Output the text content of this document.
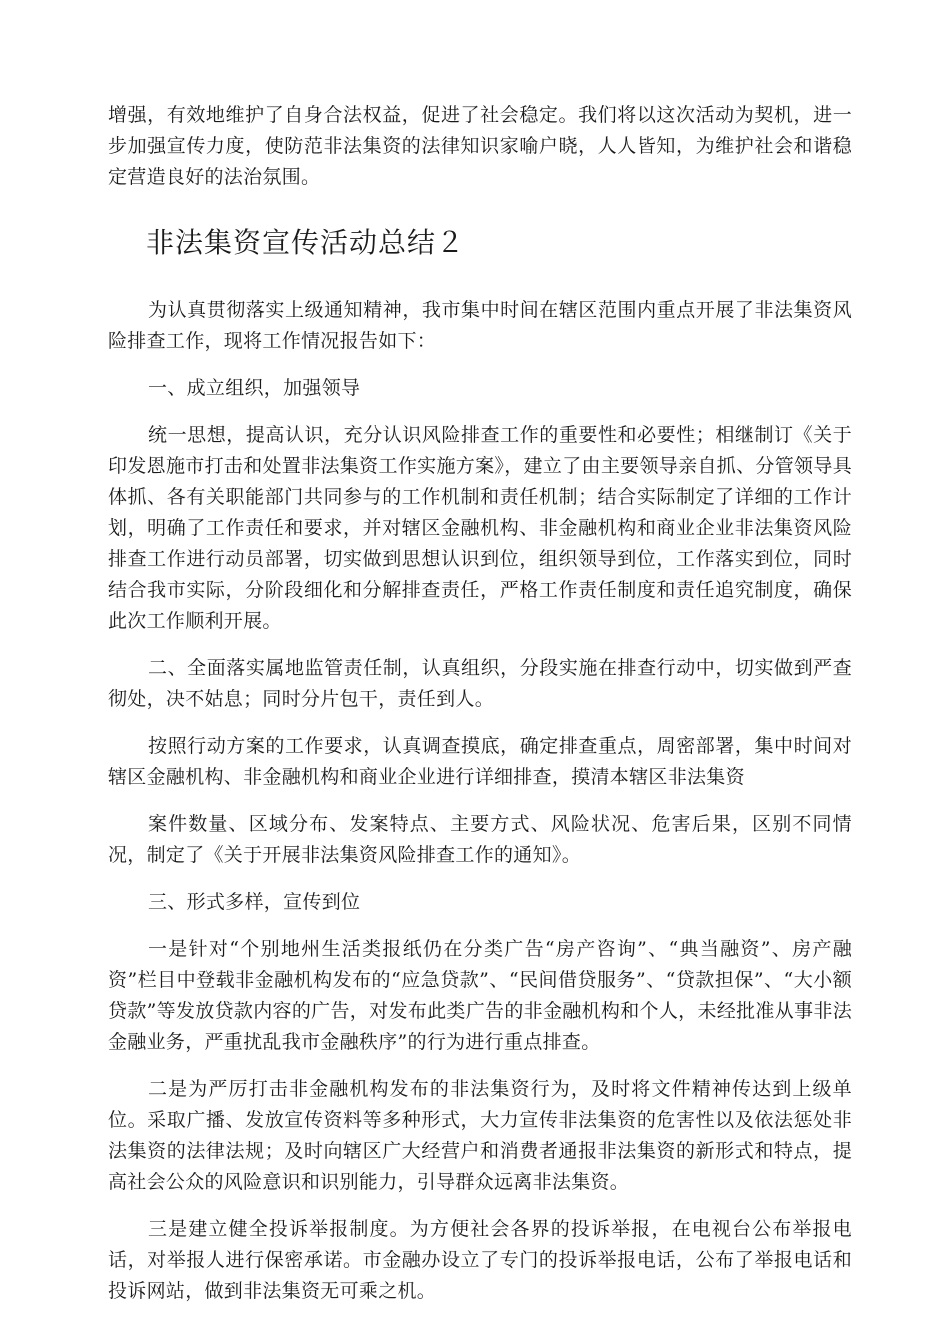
增强，有效地维护了自身合法权益，促进了社会稳定。我们将以这次活动为契机，进一步加强宣传力度，使防范非法集资的法律知识家喻户晓，人人皆知，为维护社会和谐稳定营造良好的法治氛围。

非法集资宣传活动总结２

为认真贯彻落实上级通知精神，我市集中时间在辖区范围内重点开展了非法集资风险排查工作，现将工作情况报告如下：

一、成立组织，加强领导

统一思想，提高认识，充分认识风险排查工作的重要性和必要性；相继制订《关于印发恩施市打击和处置非法集资工作实施方案》，建立了由主要领导亲自抓、分管领导具体抓、各有关职能部门共同参与的工作机制和责任机制；结合实际制定了详细的工作计划，明确了工作责任和要求，并对辖区金融机构、非金融机构和商业企业非法集资风险排查工作进行动员部署，切实做到思想认识到位，组织领导到位，工作落实到位，同时结合我市实际，分阶段细化和分解排查责任，严格工作责任制度和责任追究制度，确保此次工作顺利开展。

二、全面落实属地监管责任制，认真组织，分段实施在排查行动中，切实做到严查彻处，决不姑息；同时分片包干，责任到人。

按照行动方案的工作要求，认真调查摸底，确定排查重点，周密部署，集中时间对辖区金融机构、非金融机构和商业企业进行详细排查，摸清本辖区非法集资

案件数量、区域分布、发案特点、主要方式、风险状况、危害后果，区别不同情况，制定了《关于开展非法集资风险排查工作的通知》。

三、形式多样，宣传到位

一是针对“个别地州生活类报纸仍在分类广告“房产咨询”、“典当融资”、房产融资”栏目中登载非金融机构发布的“应急贷款”、“民间借贷服务”、“贷款担保”、“大小额贷款”等发放贷款内容的广告，对发布此类广告的非金融机构和个人，未经批准从事非法金融业务，严重扰乱我市金融秩序”的行为进行重点排查。

二是为严厉打击非金融机构发布的非法集资行为，及时将文件精神传达到上级单位。采取广播、发放宣传资料等多种形式，大力宣传非法集资的危害性以及依法惩处非法集资的法律法规；及时向辖区广大经营户和消费者通报非法集资的新形式和特点，提高社会公众的风险意识和识别能力，引导群众远离非法集资。

三是建立健全投诉举报制度。为方便社会各界的投诉举报，在电视台公布举报电话，对举报人进行保密承诺。市金融办设立了专门的投诉举报电话，公布了举报电话和投诉网站，做到非法集资无可乘之机。
